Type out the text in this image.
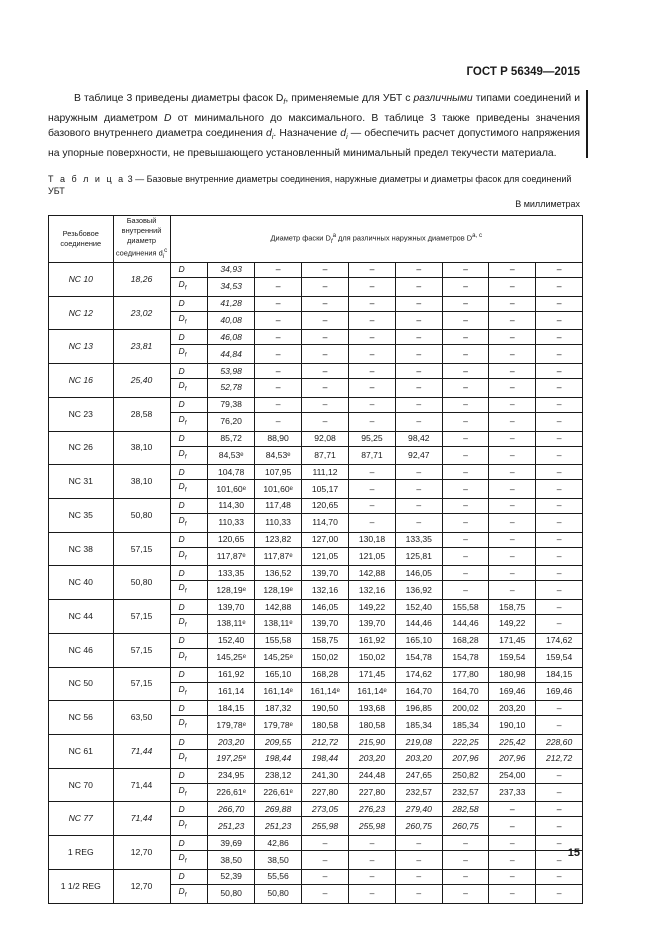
ГОСТ Р 56349—2015

В таблице 3 приведены диаметры фасок $D_f$, применяемые для УБТ с различными типами соединений и наружным диаметром D от минимального до максимального. В таблице 3 также приведены значения базового внутреннего диаметра соединения $d_i$. Назначение $d_i$ — обеспечить расчет допустимого напряжения на упорные поверхности, не превышающего установленный минимальный предел текучести материала.

Т а б л и ц а 3 — Базовые внутренние диаметры соединения, наружные диаметры и диаметры фасок для соединений УБТ
В миллиметрах
Резьбовое соединение	Базовый внутренний диаметр соединения $d_i^c$	Диаметр фаски $D_f^a$ для различных наружных диаметров D$^{a, c}$
NC 10	18,26	D	34,93	–	–	–	–	–	–	–
		$D_f$	34,53	–	–	–	–	–	–	–
NC 12	23,02	D	41,28	–	–	–	–	–	–	–
		$D_f$	40,08	–	–	–	–	–	–	–
NC 13	23,81	D	46,08	–	–	–	–	–	–	–
		$D_f$	44,84	–	–	–	–	–	–	–
NC 16	25,40	D	53,98	–	–	–	–	–	–	–
		$D_f$	52,78	–	–	–	–	–	–	–
NC 23	28,58	D	79,38	–	–	–	–	–	–	–
		$D_f$	76,20	–	–	–	–	–	–	–
NC 26	38,10	D	85,72	88,90	92,08	95,25	98,42	–	–	–
		$D_f$	84,53ᵉ	84,53ᵉ	87,71	87,71	92,47	–	–	–
NC 31	38,10	D	104,78	107,95	111,12	–	–	–	–	–
		$D_f$	101,60ᵉ	101,60ᵉ	105,17	–	–	–	–	–
NC 35	50,80	D	114,30	117,48	120,65	–	–	–	–	–
		$D_f$	110,33	110,33	114,70	–	–	–	–	–
NC 38	57,15	D	120,65	123,82	127,00	130,18	133,35	–	–	–
		$D_f$	117,87ᵉ	117,87ᵉ	121,05	121,05	125,81	–	–	–
NC 40	50,80	D	133,35	136,52	139,70	142,88	146,05	–	–	–
		$D_f$	128,19ᵉ	128,19ᵉ	132,16	132,16	136,92	–	–	–
NC 44	57,15	D	139,70	142,88	146,05	149,22	152,40	155,58	158,75	–
		$D_f$	138,11ᵉ	138,11ᵉ	139,70	139,70	144,46	144,46	149,22	–
NC 46	57,15	D	152,40	155,58	158,75	161,92	165,10	168,28	171,45	174,62
		$D_f$	145,25ᵉ	145,25ᵉ	150,02	150,02	154,78	154,78	159,54	159,54
NC 50	57,15	D	161,92	165,10	168,28	171,45	174,62	177,80	180,98	184,15
		$D_f$	161,14	161,14ᵉ	161,14ᵉ	161,14ᵉ	164,70	164,70	169,46	169,46
NC 56	63,50	D	184,15	187,32	190,50	193,68	196,85	200,02	203,20	–
		$D_f$	179,78ᵉ	179,78ᵉ	180,58	180,58	185,34	185,34	190,10	–
NC 61	71,44	D	203,20	209,55	212,72	215,90	219,08	222,25	225,42	228,60
		$D_f$	197,25ᵉ	198,44	198,44	203,20	203,20	207,96	207,96	212,72
NC 70	71,44	D	234,95	238,12	241,30	244,48	247,65	250,82	254,00	–
		$D_f$	226,61ᵉ	226,61ᵉ	227,80	227,80	232,57	232,57	237,33	–
NC 77	71,44	D	266,70	269,88	273,05	276,23	279,40	282,58	–	–
		$D_f$	251,23	251,23	255,98	255,98	260,75	260,75	–	–
1 REG	12,70	D	39,69	42,86	–	–	–	–	–	–
		$D_f$	38,50	38,50	–	–	–	–	–	–
1 1/2 REG	12,70	D	52,39	55,56	–	–	–	–	–	–
		$D_f$	50,80	50,80	–	–	–	–	–	–
15
